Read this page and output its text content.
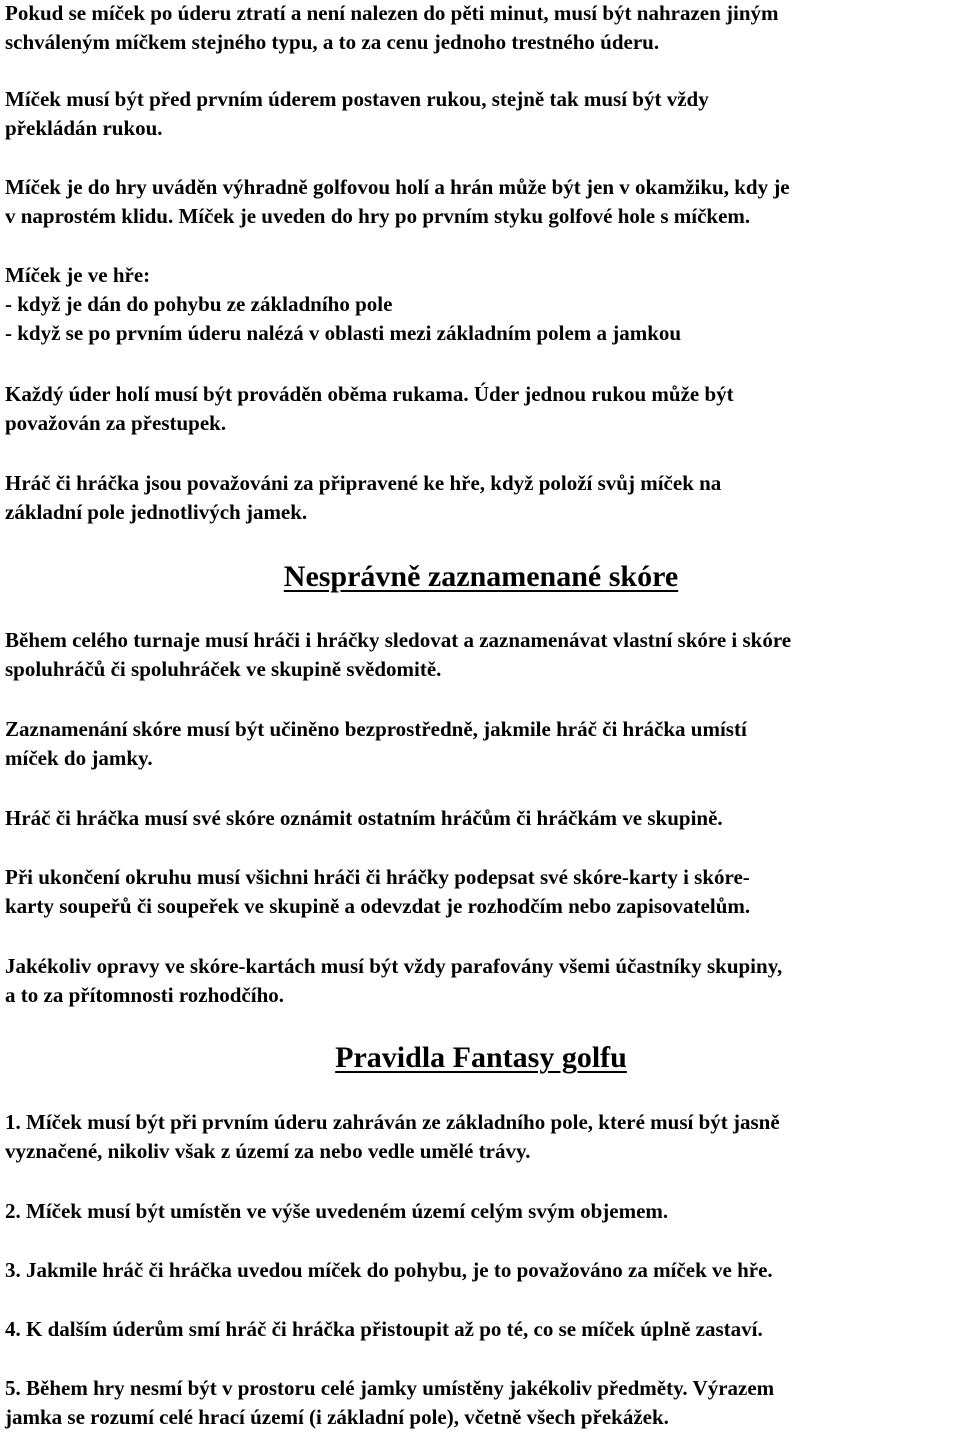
Pokud se míček po úderu ztratí a není nalezen do pěti minut, musí být nahrazen jiným
schváleným míčkem stejného typu, a to za cenu jednoho trestného úderu.

Míček musí být před prvním úderem postaven rukou, stejně tak musí být vždy
překládán rukou.

Míček je do hry uváděn výhradně golfovou holí a hrán může být jen v okamžiku, kdy je
v naprostém klidu. Míček je uveden do hry po prvním styku golfové hole s míčkem.

Míček je ve hře:
- když je dán do pohybu ze základního pole
- když se po prvním úderu nalézá v oblasti mezi základním polem a jamkou

Každý úder holí musí být prováděn oběma rukama. Úder jednou rukou může být
považován za přestupek.

Hráč či hráčka jsou považováni za připravené ke hře, když položí svůj míček na
základní pole jednotlivých jamek.

Nesprávně zaznamenané skóre

Během celého turnaje musí hráči i hráčky sledovat a zaznamenávat vlastní skóre i skóre
spoluhráčů či spoluhráček ve skupině svědomitě.

Zaznamenání skóre musí být učiněno bezprostředně, jakmile hráč či hráčka umístí
míček do jamky.

Hráč či hráčka musí své skóre oznámit ostatním hráčům či hráčkám ve skupině.

Při ukončení okruhu musí všichni hráči či hráčky podepsat své skóre-karty i skóre-
karty soupeřů či soupeřek ve skupině a odevzdat je rozhodčím nebo zapisovatelům.

Jakékoliv opravy ve skóre-kartách musí být vždy parafovány všemi účastníky skupiny,
a to za přítomnosti rozhodčího.

Pravidla Fantasy golfu

1. Míček musí být při prvním úderu zahráván ze základního pole, které musí být jasně
vyznačené, nikoliv však z území za nebo vedle umělé trávy.

2. Míček musí být umístěn ve výše uvedeném území celým svým objemem.

3. Jakmile hráč či hráčka uvedou míček do pohybu, je to považováno za míček ve hře.

4. K dalším úderům smí hráč či hráčka přistoupit až po té, co se míček úplně zastaví.

5. Během hry nesmí být v prostoru celé jamky umístěny jakékoliv předměty. Výrazem
jamka se rozumí celé hrací území (i základní pole), včetně všech překážek.
